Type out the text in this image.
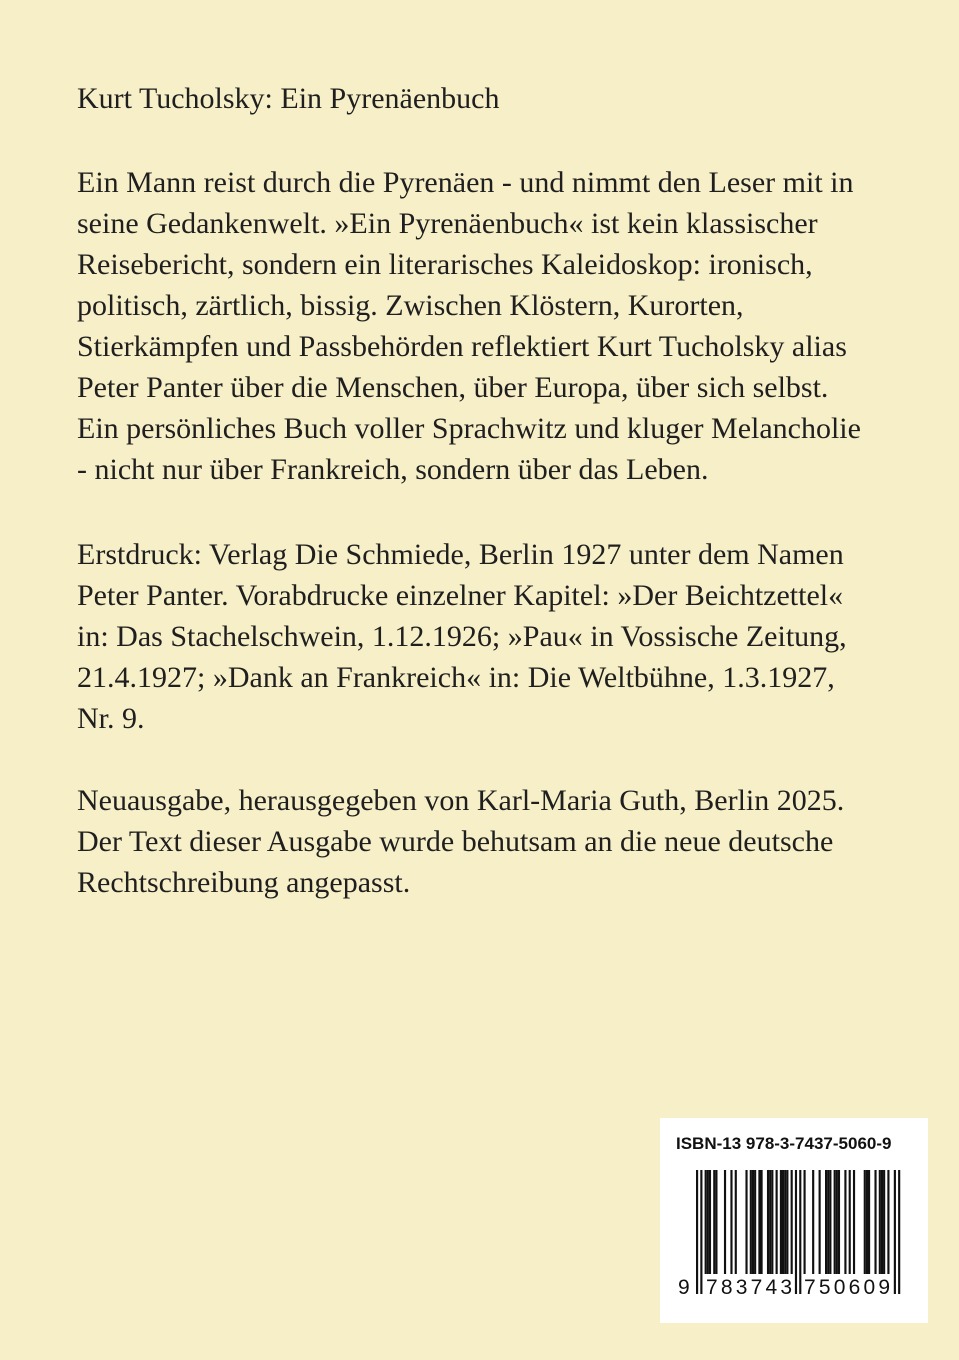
Kurt Tucholsky: Ein Pyrenäenbuch

Ein Mann reist durch die Pyrenäen - und nimmt den Leser mit in
seine Gedankenwelt. »Ein Pyrenäenbuch« ist kein klassischer
Reisebericht, sondern ein literarisches Kaleidoskop: ironisch,
politisch, zärtlich, bissig. Zwischen Klöstern, Kurorten,
Stierkämpfen und Passbehörden reflektiert Kurt Tucholsky alias
Peter Panter über die Menschen, über Europa, über sich selbst.
Ein persönliches Buch voller Sprachwitz und kluger Melancholie
- nicht nur über Frankreich, sondern über das Leben.

Erstdruck: Verlag Die Schmiede, Berlin 1927 unter dem Namen
Peter Panter. Vorabdrucke einzelner Kapitel: »Der Beichtzettel«
in: Das Stachelschwein, 1.12.1926; »Pau« in Vossische Zeitung,
21.4.1927; »Dank an Frankreich« in: Die Weltbühne, 1.3.1927,
Nr. 9.

Neuausgabe, herausgegeben von Karl-Maria Guth, Berlin 2025.
Der Text dieser Ausgabe wurde behutsam an die neue deutsche
Rechtschreibung angepasst.

ISBN-13 978-3-7437-5060-9
9 783743 750609
